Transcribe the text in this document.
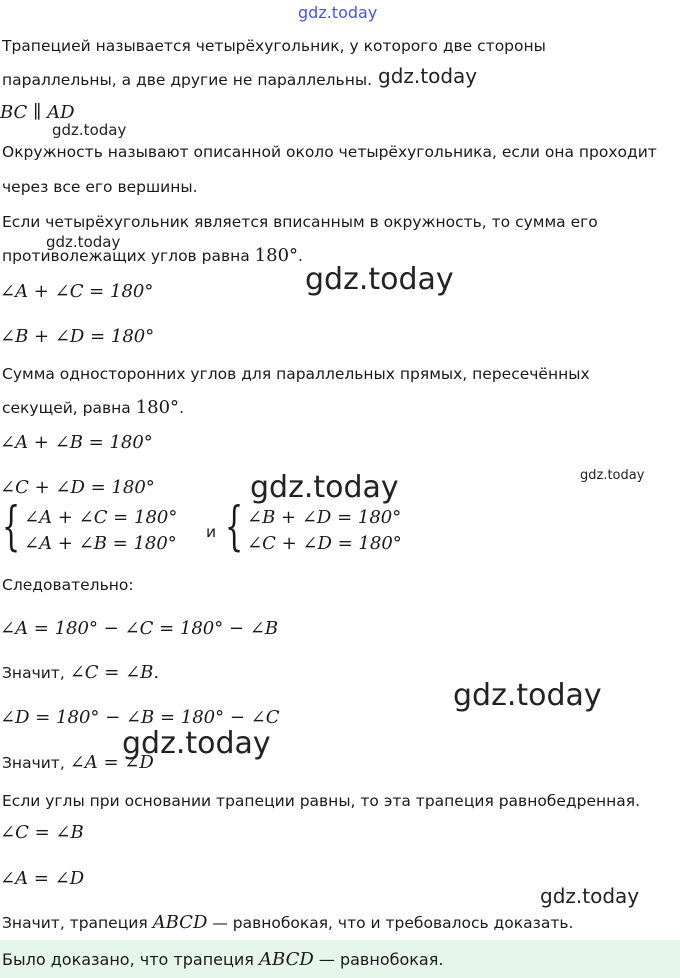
gdz.today
gdz.today
gdz.today
gdz.today
gdz.today
gdz.today
gdz.today
gdz.today
gdz.today
gdz.today
Трапецией называется четырёхугольник, у которого две стороны
параллельны, а две другие не параллельны.
BC ∥ AD
Окружность называют описанной около четырёхугольника, если она проходит
через все его вершины.
Если четырёхугольник является вписанным в окружность, то сумма его
противолежащих углов равна 180°.
∠A + ∠C = 180°
∠B + ∠D = 180°
Сумма односторонних углов для параллельных прямых, пересечённых
секущей, равна 180°.
∠A + ∠B = 180°
∠C + ∠D = 180°
{ ∠A + ∠C = 180°
∠A + ∠B = 180°
и { ∠B + ∠D = 180°
∠C + ∠D = 180°
Следовательно:
∠A = 180° − ∠C = 180° − ∠B
Значит, ∠C = ∠B.
∠D = 180° − ∠B = 180° − ∠C
Значит, ∠A = ∠D
Если углы при основании трапеции равны, то эта трапеция равнобедренная.
∠C = ∠B
∠A = ∠D
Значит, трапеция ABCD — равнобокая, что и требовалось доказать.
Было доказано, что трапеция ABCD — равнобокая.
